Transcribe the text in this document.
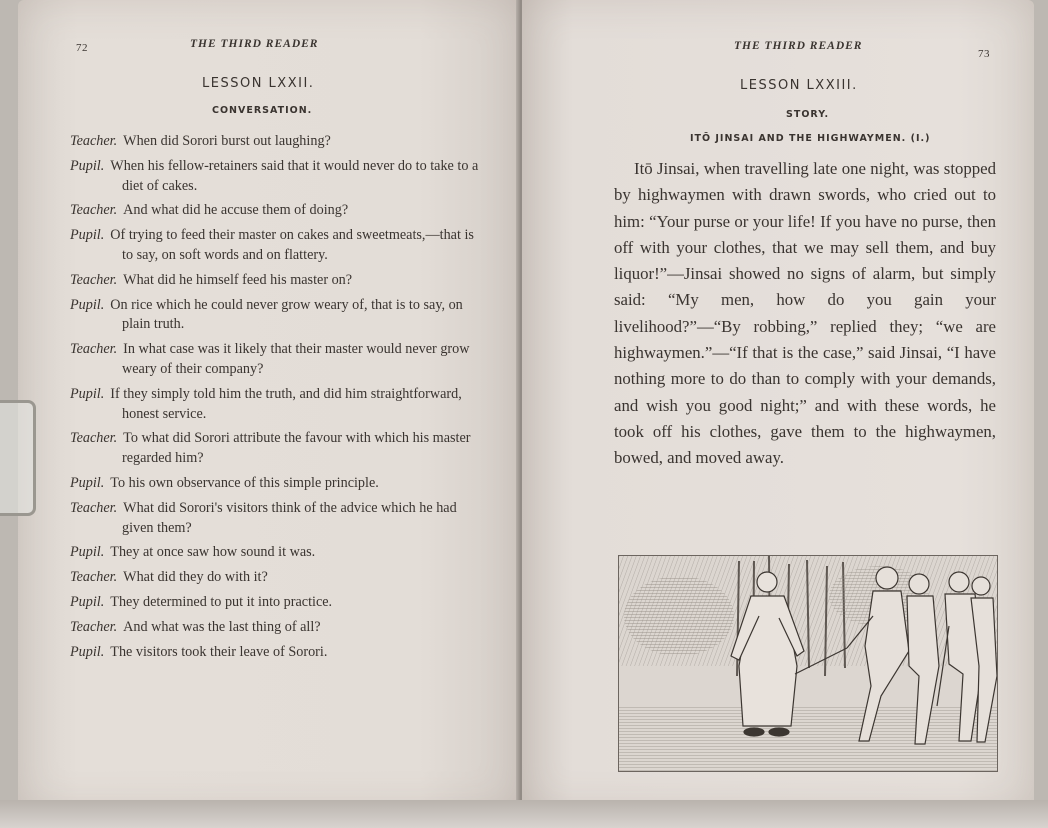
72	THE THIRD READER
LESSON LXXII.
CONVERSATION.
Teacher. When did Sorori burst out laughing?
Pupil. When his fellow-retainers said that it would never do to take to a diet of cakes.
Teacher. And what did he accuse them of doing?
Pupil. Of trying to feed their master on cakes and sweetmeats,—that is to say, on soft words and on flattery.
Teacher. What did he himself feed his master on?
Pupil. On rice which he could never grow weary of, that is to say, on plain truth.
Teacher. In what case was it likely that their master would never grow weary of their company?
Pupil. If they simply told him the truth, and did him straightforward, honest service.
Teacher. To what did Sorori attribute the favour with which his master regarded him?
Pupil. To his own observance of this simple principle.
Teacher. What did Sorori's visitors think of the advice which he had given them?
Pupil. They at once saw how sound it was.
Teacher. What did they do with it?
Pupil. They determined to put it into practice.
Teacher. And what was the last thing of all?
Pupil. The visitors took their leave of Sorori.
THE THIRD READER
73
LESSON LXXIII.
STORY.
ITŌ JINSAI AND THE HIGHWAYMEN. (I.)

Itō Jinsai, when travelling late one night, was stopped by highwaymen with drawn swords, who cried out to him: “Your purse or your life! If you have no purse, then off with your clothes, that we may sell them, and buy liquor!”—Jinsai showed no signs of alarm, but simply said: “My men, how do you gain your livelihood?”—“By robbing,” replied they; “we are highwaymen.”—“If that is the case,” said Jinsai, “I have nothing more to do than to comply with your demands, and wish you good night;” and with these words, he took off his clothes, gave them to the highwaymen, bowed, and moved away.
